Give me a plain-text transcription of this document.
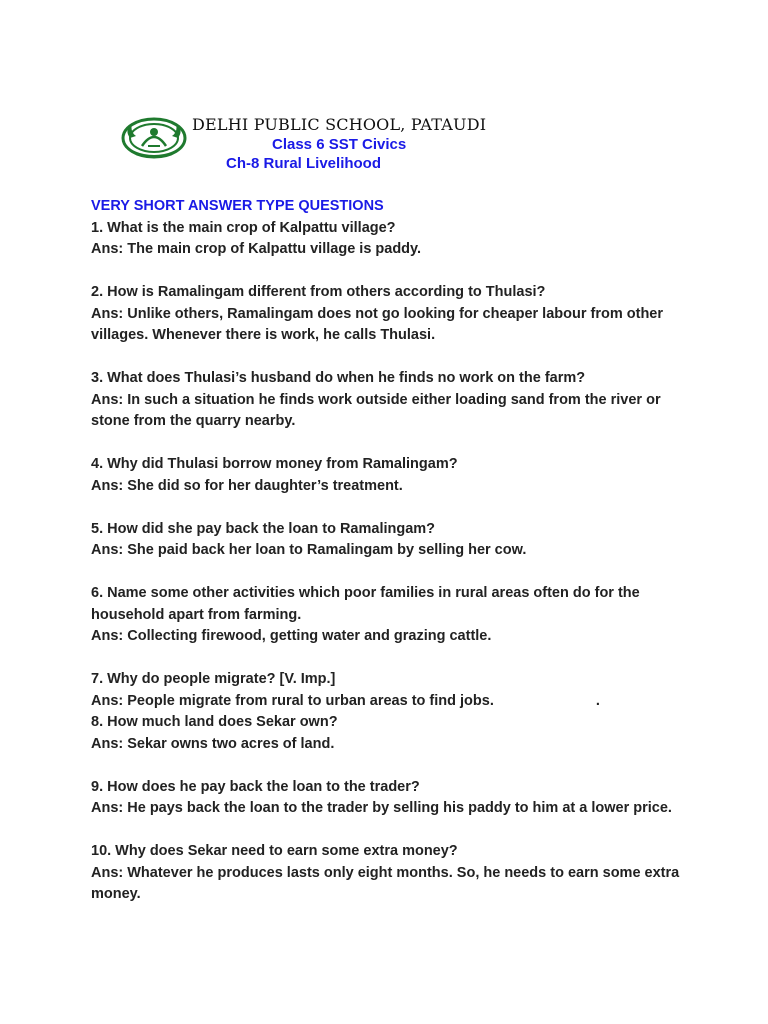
DELHI PUBLIC SCHOOL, PATAUDI
Class 6 SST Civics
Ch-8 Rural Livelihood

VERY SHORT ANSWER TYPE QUESTIONS

1. What is the main crop of Kalpattu village?

Ans: The main crop of Kalpattu village is paddy.

2. How is Ramalingam different from others according to Thulasi?

Ans: Unlike others, Ramalingam does not go looking for cheaper labour from other villages. Whenever there is work, he calls Thulasi.

3. What does Thulasi’s husband do when he finds no work on the farm?

Ans: In such a situation he finds work outside either loading sand from the river or stone from the quarry nearby.

4. Why did Thulasi borrow money from Ramalingam?

Ans: She did so for her daughter’s treatment.

5. How did she pay back the loan to Ramalingam?

Ans: She paid back her loan to Ramalingam by selling her cow.

6. Name some other activities which poor families in rural areas often do for the household apart from farming.

Ans: Collecting firewood, getting water and grazing cattle.

7. Why do people migrate? [V. Imp.]

Ans: People migrate from rural to urban areas to find jobs.	.

8. How much land does Sekar own?

Ans: Sekar owns two acres of land.

9. How does he pay back the loan to the trader?

Ans: He pays back the loan to the trader by selling his paddy to him at a lower price.

10. Why does Sekar need to earn some extra money?

Ans: Whatever he produces lasts only eight months. So, he needs to earn some extra money.
